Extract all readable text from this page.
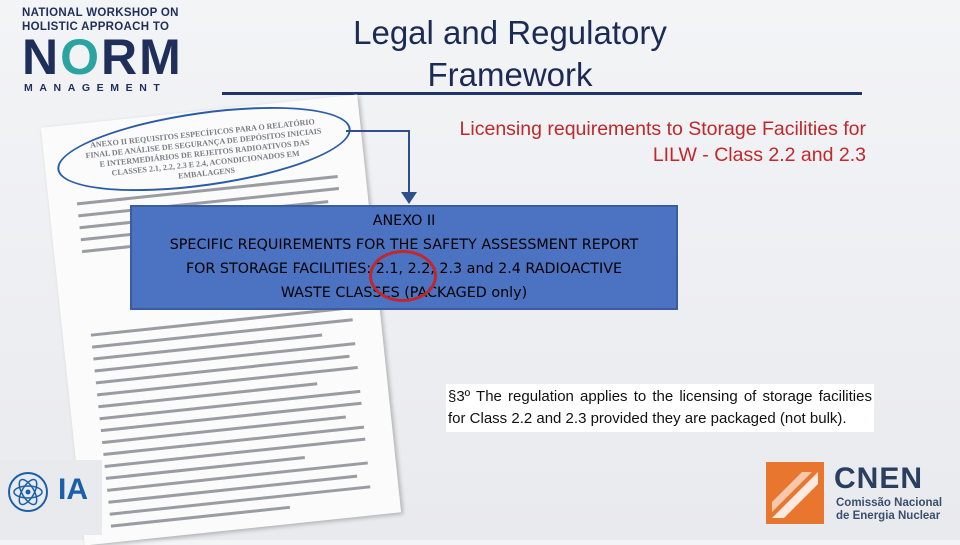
NATIONAL WORKSHOP ON
HOLISTIC APPROACH TO
NORM
MANAGEMENT
Legal and Regulatory Framework
Licensing requirements to Storage Facilities for LILW - Class 2.2 and 2.3
ANEXO II REQUISITOS ESPECÍFICOS PARA O RELATÓRIO FINAL DE ANÁLISE DE SEGURANÇA DE DEPÓSITOS INICIAIS E INTERMEDIÁRIOS DE REJEITOS RADIOATIVOS DAS CLASSES 2.1, 2.2, 2.3 E 2.4, ACONDICIONADOS EM EMBALAGENS
ANEXO II
SPECIFIC REQUIREMENTS FOR THE SAFETY ASSESSMENT REPORT
FOR STORAGE FACILITIES: 2.1, 2.2, 2.3 and 2.4 RADIOACTIVE
WASTE CLASSES (PACKAGED only)
§3º The regulation applies to the licensing of storage facilities for Class 2.2 and 2.3 provided they are packaged (not bulk).
IA	CNEN
Comissão Nacional
de Energia Nuclear
